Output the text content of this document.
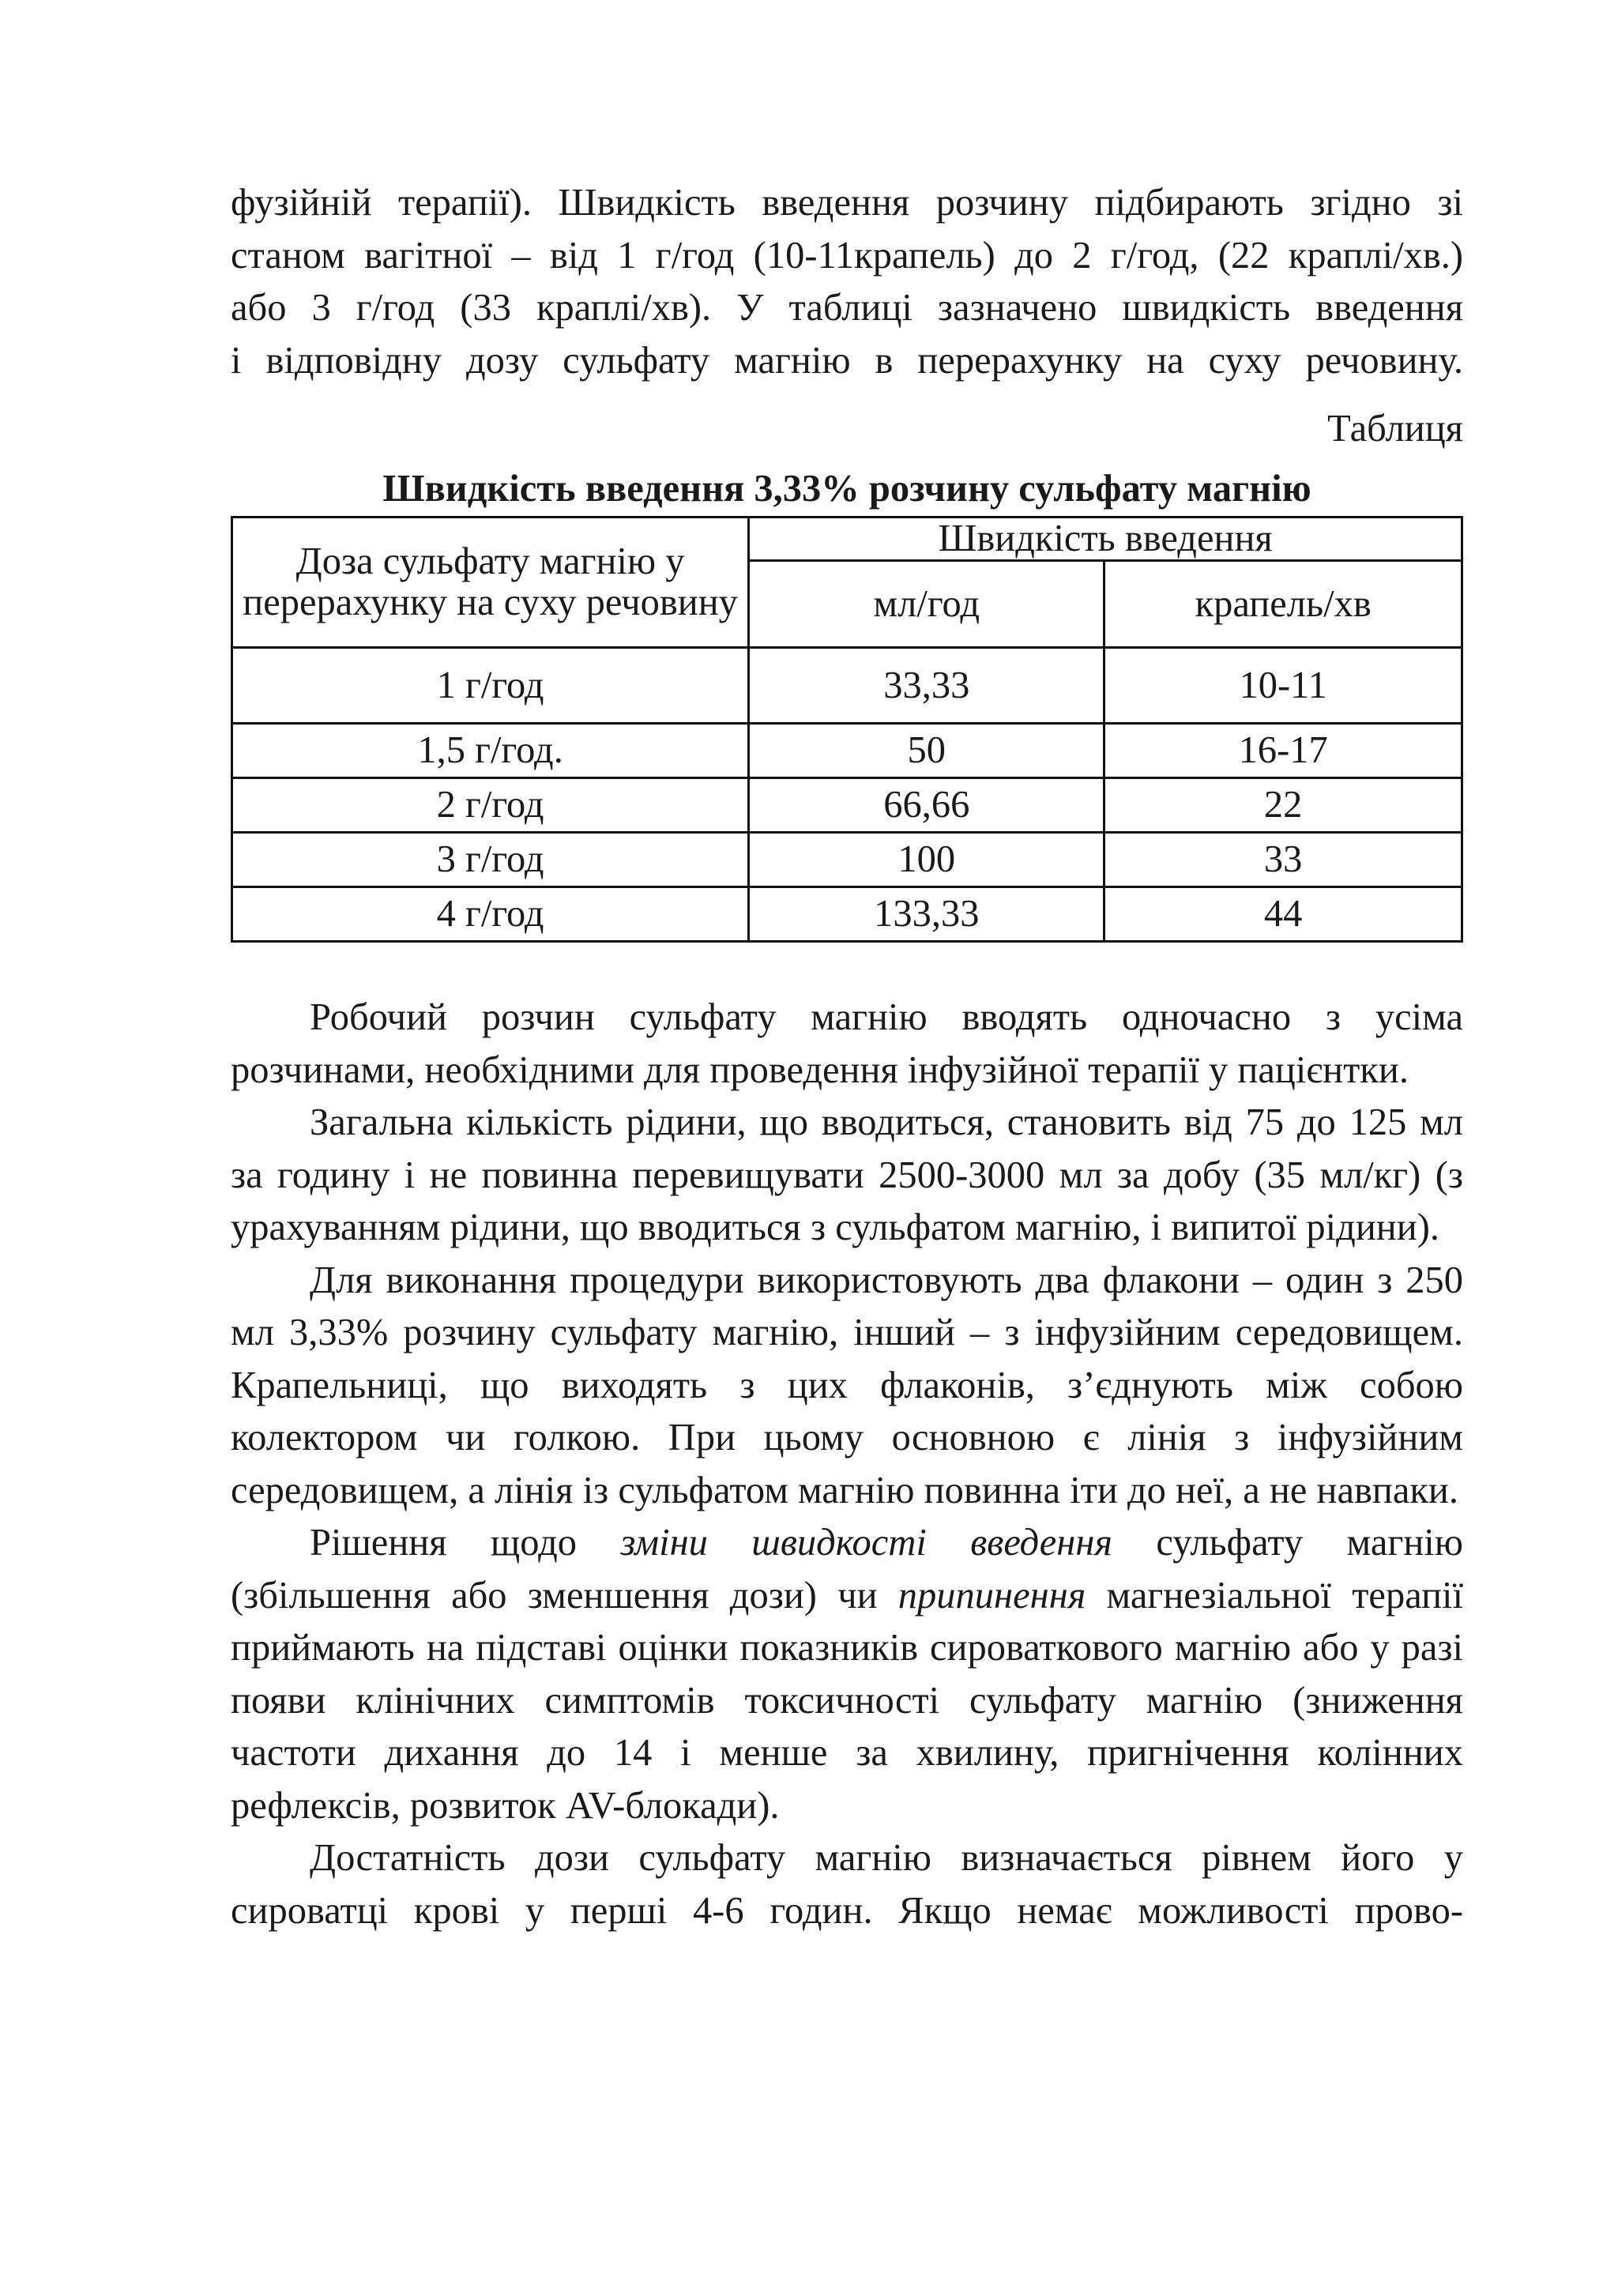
фузійній терапії). Швидкість введення розчину підбирають згідно зі

станом вагітної – від 1 г/год (10-11крапель) до 2 г/год, (22 краплі/хв.)

або 3 г/год (33 краплі/хв). У таблиці зазначено швидкість введення

і відповідну дозу сульфату магнію в перерахунку на суху речовину.

Таблиця
Швидкість введення 3,33% розчину сульфату магнію
Доза сульфату магнію у перерахунку на суху речовину	Швидкість введення	
	мл/год	крапель/хв
1 г/год	33,33	10-11
1,5 г/год.	50	16-17
2 г/год	66,66	22
3 г/год	100	33
4 г/год	133,33	44

Робочий розчин сульфату магнію вводять одночасно з усіма розчинами, необхідними для проведення інфузійної терапії у пацієнтки.

Загальна кількість рідини, що вводиться, становить від 75 до 125 мл за годину і не повинна перевищувати 2500-3000 мл за добу (35 мл/кг) (з урахуванням рідини, що вводиться з сульфатом магнію, і випитої рідини).

Для виконання процедури використовують два флакони – один з 250 мл 3,33% розчину сульфату магнію, інший – з інфузійним середовищем. Крапельниці, що виходять з цих флаконів, з’єднують між собою колектором чи голкою. При цьому основною є лінія з інфузійним середовищем, а лінія із сульфатом магнію повинна іти до неї, а не навпаки.

Рішення щодо зміни швидкості введення сульфату магнію (збільшення або зменшення дози) чи припинення магнезіальної терапії приймають на підставі оцінки показників сироваткового магнію або у разі появи клінічних симптомів токсичності сульфату магнію (зниження частоти дихання до 14 і менше за хвилину, пригнічення колінних рефлексів, розвиток AV-блокади).

Достатність дози сульфату магнію визначається рівнем його у сироватці крові у перші 4-6 годин. Якщо немає можливості прово-
